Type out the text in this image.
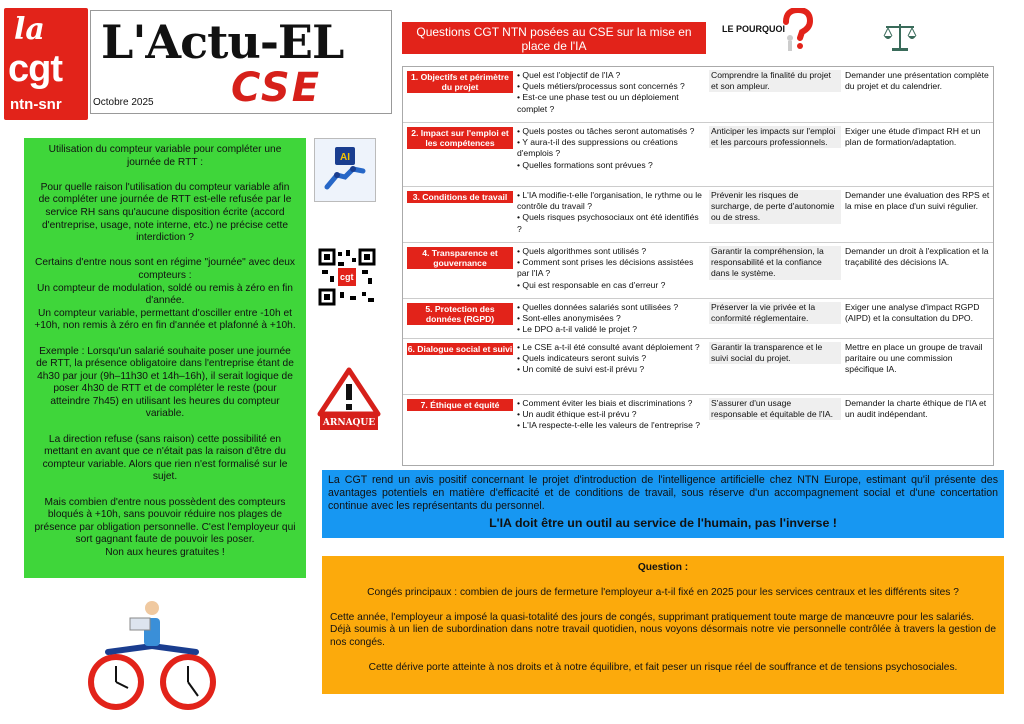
la
cgt
ntn-snr
L'Actu-EL
CSE
Octobre 2025

Utilisation du compteur variable pour compléter une journée de RTT :

Pour quelle raison l'utilisation du compteur variable afin de compléter une journée de RTT est-elle refusée par le service RH sans qu'aucune disposition écrite (accord d'entreprise, usage, note interne, etc.) ne précise cette interdiction ?

Certains d'entre nous sont en régime "journée" avec deux compteurs :
Un compteur de modulation, soldé ou remis à zéro en fin d'année.
Un compteur variable, permettant d'osciller entre -10h et +10h, non remis à zéro en fin d'année et plafonné à +10h.

Exemple : Lorsqu'un salarié souhaite poser une journée de RTT, la présence obligatoire dans l'entreprise étant de 4h30 par jour (9h–11h30 et 14h–16h), il serait logique de poser 4h30 de RTT et de compléter le reste (pour atteindre 7h45) en utilisant les heures du compteur variable.

La direction refuse (sans raison) cette possibilité en mettant en avant que ce n'était pas la raison d'être du compteur variable. Alors que rien n'est formalisé sur le sujet.

Mais combien d'entre nous possèdent des compteurs bloqués à +10h, sans pouvoir réduire nos plages de présence par obligation personnelle. C'est l'employeur qui sort gagnant faute de pouvoir les poser.
Non aux heures gratuites !

AI
cgt
ARNAQUE
Questions CGT NTN posées au CSE sur la mise en place de l'IA
LE POURQUOI
1. Objectifs et périmètre du projet
• Quel est l'objectif de l'IA ?
• Quels métiers/processus sont concernés ?
• Est-ce une phase test ou un déploiement complet ?
Comprendre la finalité du projet et son ampleur.
Demander une présentation complète du projet et du calendrier.
2. Impact sur l'emploi et les compétences
• Quels postes ou tâches seront automatisés ?
• Y aura-t-il des suppressions ou créations d'emplois ?
• Quelles formations sont prévues ?
Anticiper les impacts sur l'emploi et les parcours professionnels.
Exiger une étude d'impact RH et un plan de formation/adaptation.
3. Conditions de travail	• L'IA modifie-t-elle l'organisation, le rythme ou le contrôle du travail ?
• Quels risques psychosociaux ont été identifiés ?
Prévenir les risques de surcharge, de perte d'autonomie ou de stress.
Demander une évaluation des RPS et la mise en place d'un suivi régulier.
4. Transparence et gouvernance
• Quels algorithmes sont utilisés ?
• Comment sont prises les décisions assistées par l'IA ?
• Qui est responsable en cas d'erreur ?
Garantir la compréhension, la responsabilité et la confiance dans le système.
Demander un droit à l'explication et la traçabilité des décisions IA.
5. Protection des données (RGPD)
• Quelles données salariés sont utilisées ?
• Sont-elles anonymisées ?
• Le DPO a-t-il validé le projet ?
Préserver la vie privée et la conformité réglementaire.
Exiger une analyse d'impact RGPD (AIPD) et la consultation du DPO.
6. Dialogue social et suivi • Le CSE a-t-il été consulté avant déploiement ?
• Quels indicateurs seront suivis ?
• Un comité de suivi est-il prévu ?
Garantir la transparence et le suivi social du projet.
Mettre en place un groupe de travail paritaire ou une commission spécifique IA.
7. Éthique et équité	• Comment éviter les biais et discriminations ?
• Un audit éthique est-il prévu ?
• L'IA respecte-t-elle les valeurs de l'entreprise ?
S'assurer d'un usage responsable et équitable de l'IA.
Demander la charte éthique de l'IA et un audit indépendant.
La CGT rend un avis positif concernant le projet d'introduction de l'intelligence artificielle chez NTN Europe, estimant qu'il présente des avantages potentiels en matière d'efficacité et de conditions de travail, sous réserve d'un accompagnement social et d'une concertation continue avec les représentants du personnel.
L'IA doit être un outil au service de l'humain, pas l'inverse !
Question :
Congés principaux : combien de jours de fermeture l'employeur a-t-il fixé en 2025 pour les services centraux et les différents sites ?
Cette année, l'employeur a imposé la quasi-totalité des jours de congés, supprimant pratiquement toute marge de manœuvre pour les salariés.
Déjà soumis à un lien de subordination dans notre travail quotidien, nous voyons désormais notre vie personnelle contrôlée à travers la gestion de nos congés.
Cette dérive porte atteinte à nos droits et à notre équilibre, et fait peser un risque réel de souffrance et de tensions psychosociales.
